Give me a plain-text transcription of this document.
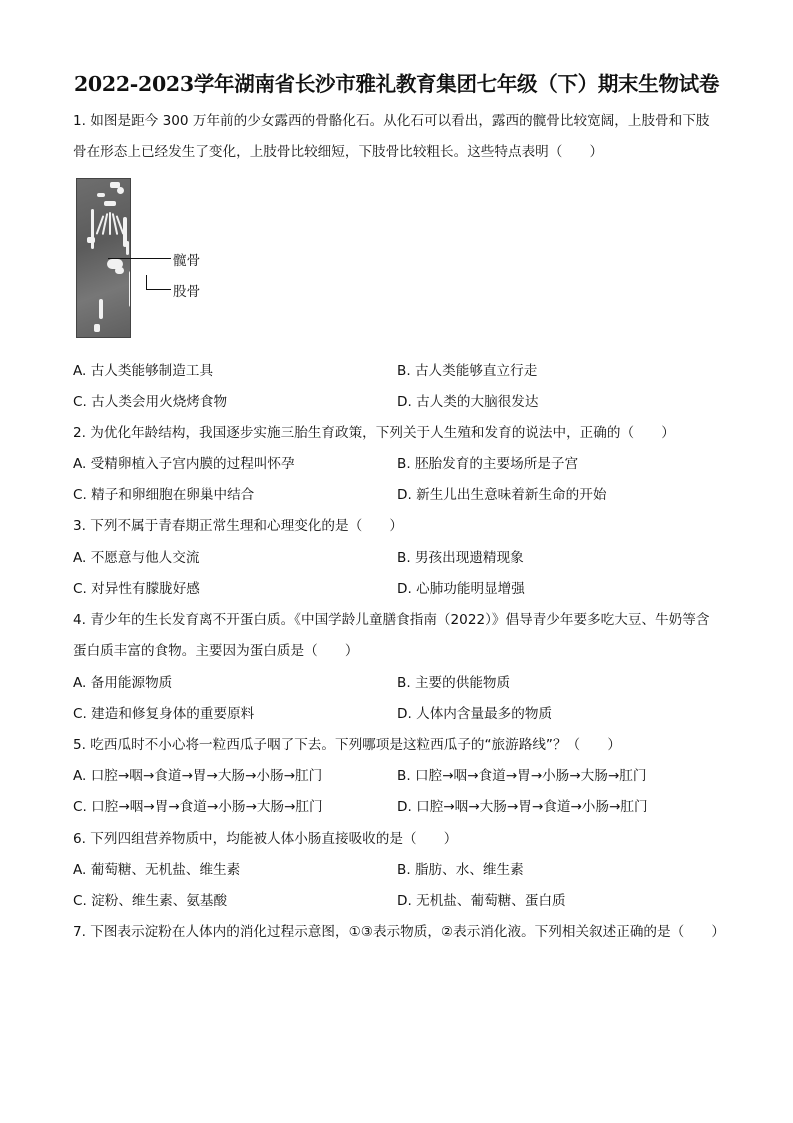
2022-2023学年湖南省长沙市雅礼教育集团七年级（下）期末生物试卷
1. 如图是距今 300 万年前的少女露西的骨骼化石。从化石可以看出，露西的髋骨比较宽阔，上肢骨和下肢
骨在形态上已经发生了变化，上肢骨比较细短，下肢骨比较粗长。这些特点表明（　　）
髋骨
股骨
A. 古人类能够制造工具	B. 古人类能够直立行走
C. 古人类会用火烧烤食物	D. 古人类的大脑很发达
2. 为优化年龄结构，我国逐步实施三胎生育政策，下列关于人生殖和发育的说法中，正确的（　　）
A. 受精卵植入子宫内膜的过程叫怀孕	B. 胚胎发育的主要场所是子宫
C. 精子和卵细胞在卵巢中结合	D. 新生儿出生意味着新生命的开始
3. 下列不属于青春期正常生理和心理变化的是（　　）
A. 不愿意与他人交流	B. 男孩出现遗精现象
C. 对异性有朦胧好感	D. 心肺功能明显增强
4. 青少年的生长发育离不开蛋白质。《中国学龄儿童膳食指南（2022）》倡导青少年要多吃大豆、牛奶等含
蛋白质丰富的食物。主要因为蛋白质是（　　）
A. 备用能源物质	B. 主要的供能物质
C. 建造和修复身体的重要原料	D. 人体内含量最多的物质
5. 吃西瓜时不小心将一粒西瓜子咽了下去。下列哪项是这粒西瓜子的“旅游路线”？（　　）
A. 口腔→咽→食道→胃→大肠→小肠→肛门	B. 口腔→咽→食道→胃→小肠→大肠→肛门
C. 口腔→咽→胃→食道→小肠→大肠→肛门	D. 口腔→咽→大肠→胃→食道→小肠→肛门
6. 下列四组营养物质中，均能被人体小肠直接吸收的是（　　）
A. 葡萄糖、无机盐、维生素	B. 脂肪、水、维生素
C. 淀粉、维生素、氨基酸	D. 无机盐、葡萄糖、蛋白质
7. 下图表示淀粉在人体内的消化过程示意图，①③表示物质，②表示消化液。下列相关叙述正确的是（　　）
